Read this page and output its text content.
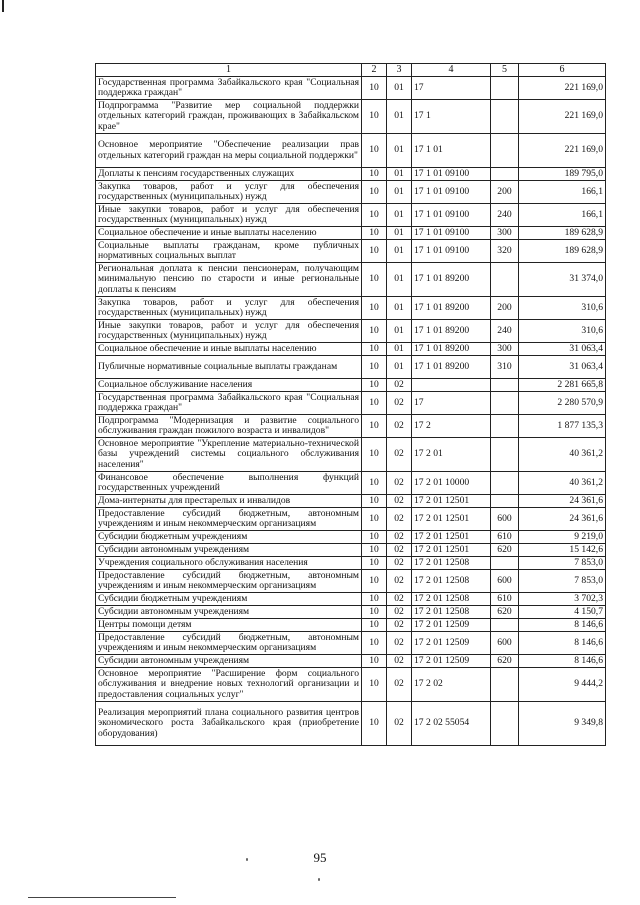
1	2	3	4	5	6
Государственная программа Забайкальского края "Социальная поддержка граждан"	10	01	17		221 169,0
Подпрограмма "Развитие мер социальной поддержки отдельных категорий граждан, проживающих в Забайкальском крае"	10	01	17 1		221 169,0
Основное мероприятие "Обеспечение реализации прав отдельных категорий граждан на меры социальной поддержки"	10	01	17 1 01		221 169,0
Доплаты к пенсиям государственных служащих	10	01	17 1 01 09100		189 795,0
Закупка товаров, работ и услуг для обеспечения государственных (муниципальных) нужд	10	01	17 1 01 09100	200	166,1
Иные закупки товаров, работ и услуг для обеспечения государственных (муниципальных) нужд	10	01	17 1 01 09100	240	166,1
Социальное обеспечение и иные выплаты населению	10	01	17 1 01 09100	300	189 628,9
Социальные выплаты гражданам, кроме публичных нормативных социальных выплат	10	01	17 1 01 09100	320	189 628,9
Региональная доплата к пенсии пенсионерам, получающим минимальную пенсию по старости и иные региональные доплаты к пенсиям	10	01	17 1 01 89200		31 374,0
Закупка товаров, работ и услуг для обеспечения государственных (муниципальных) нужд	10	01	17 1 01 89200	200	310,6
Иные закупки товаров, работ и услуг для обеспечения государственных (муниципальных) нужд	10	01	17 1 01 89200	240	310,6
Социальное обеспечение и иные выплаты населению	10	01	17 1 01 89200	300	31 063,4
Публичные нормативные социальные выплаты гражданам	10	01	17 1 01 89200	310	31 063,4
Социальное обслуживание населения	10	02			2 281 665,8
Государственная программа Забайкальского края "Социальная поддержка граждан"	10	02	17		2 280 570,9
Подпрограмма "Модернизация и развитие социального обслуживания граждан пожилого возраста и инвалидов"	10	02	17 2		1 877 135,3
Основное мероприятие "Укрепление материально-технической базы учреждений системы социального обслуживания населения"	10	02	17 2 01		40 361,2
Финансовое обеспечение выполнения функций государственных учреждений	10	02	17 2 01 10000		40 361,2
Дома-интернаты для престарелых и инвалидов	10	02	17 2 01 12501		24 361,6
Предоставление субсидий бюджетным, автономным учреждениям и иным некоммерческим организациям	10	02	17 2 01 12501	600	24 361,6
Субсидии бюджетным учреждениям	10	02	17 2 01 12501	610	9 219,0
Субсидии автономным учреждениям	10	02	17 2 01 12501	620	15 142,6
Учреждения социального обслуживания населения	10	02	17 2 01 12508		7 853,0
Предоставление субсидий бюджетным, автономным учреждениям и иным некоммерческим организациям	10	02	17 2 01 12508	600	7 853,0
Субсидии бюджетным учреждениям	10	02	17 2 01 12508	610	3 702,3
Субсидии автономным учреждениям	10	02	17 2 01 12508	620	4 150,7
Центры помощи детям	10	02	17 2 01 12509		8 146,6
Предоставление субсидий бюджетным, автономным учреждениям и иным некоммерческим организациям	10	02	17 2 01 12509	600	8 146,6
Субсидии автономным учреждениям	10	02	17 2 01 12509	620	8 146,6
Основное мероприятие "Расширение форм социального обслуживания и внедрение новых технологий организации и предоставления социальных услуг"	10	02	17 2 02		9 444,2
Реализация мероприятий плана социального развития центров экономического роста Забайкальского края (приобретение оборудования)	10	02	17 2 02 55054		9 349,8
95
